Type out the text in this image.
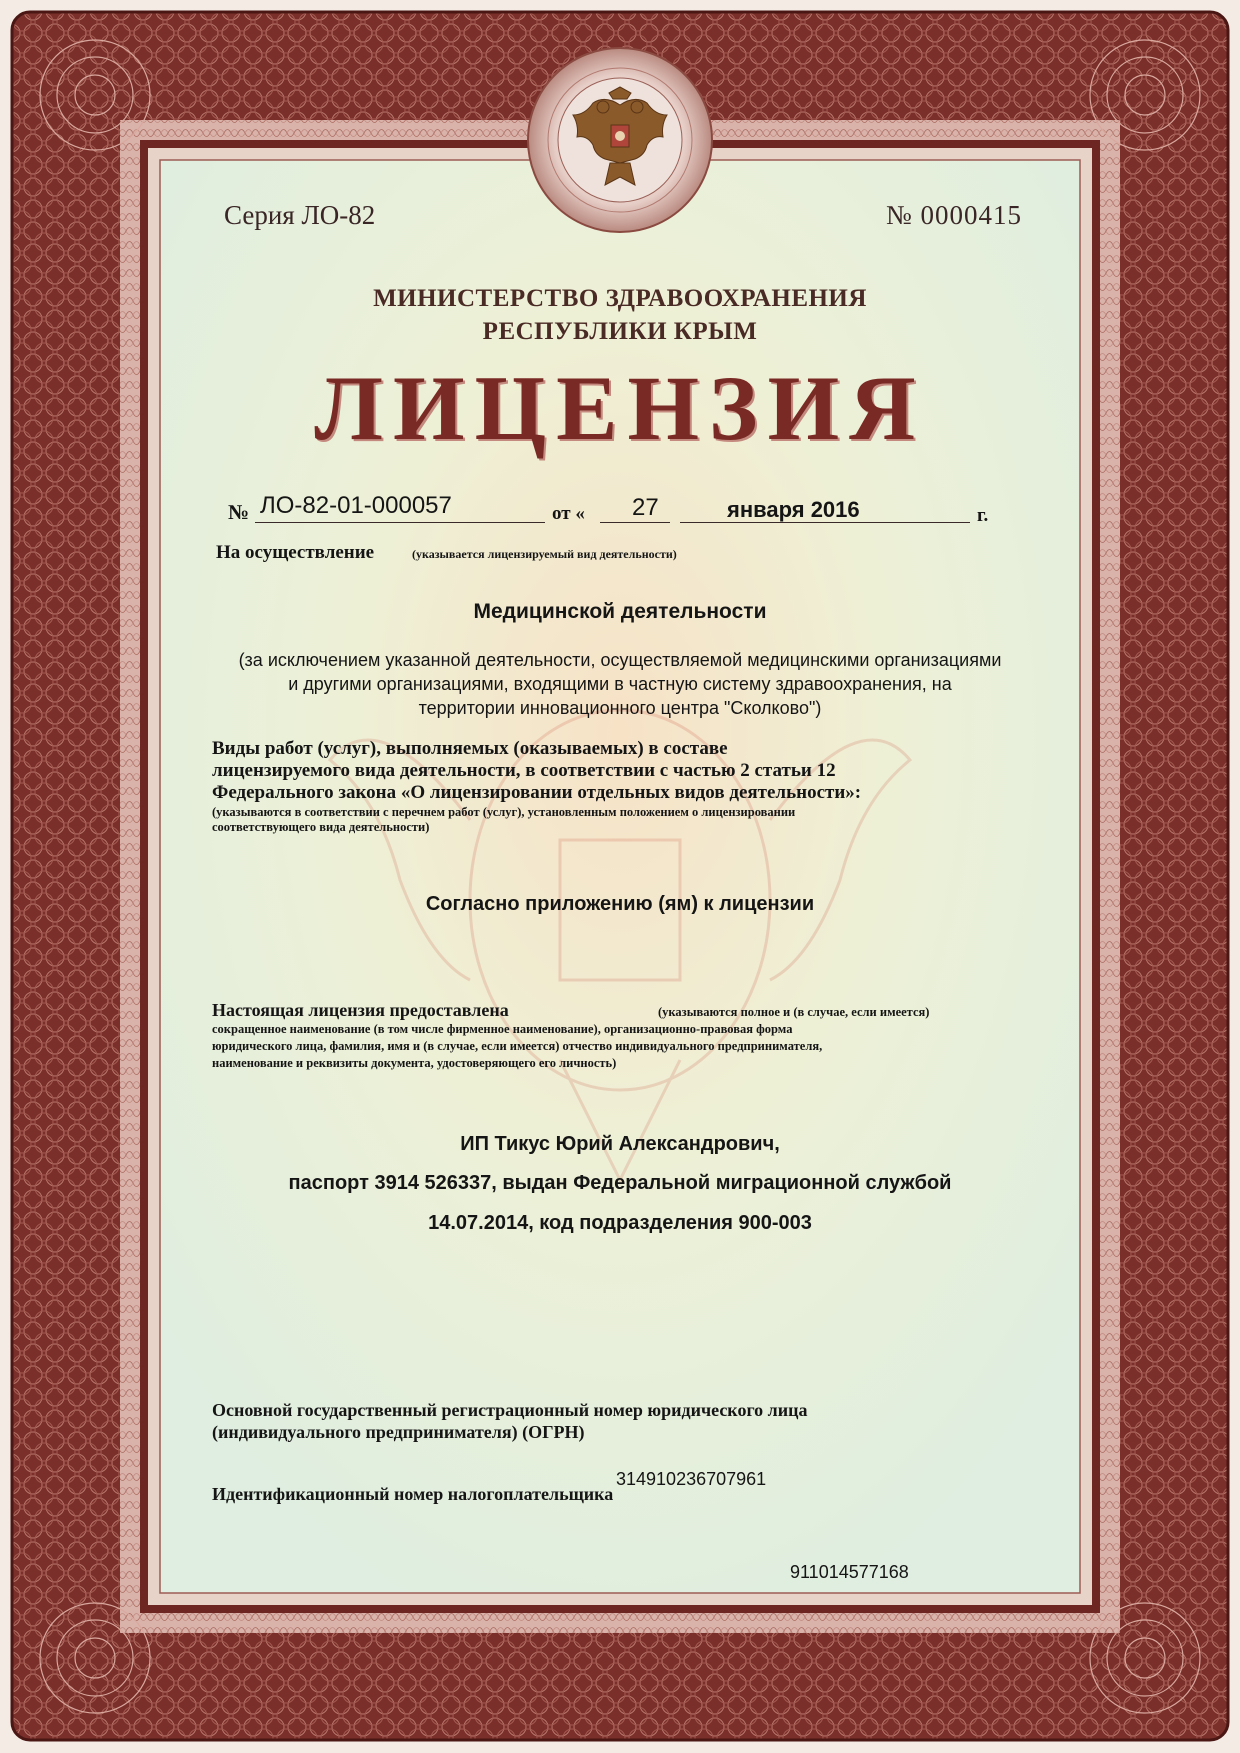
Серия ЛО-82	№ 0000415
МИНИСТЕРСТВО ЗДРАВООХРАНЕНИЯ
РЕСПУБЛИКИ КРЫМ
ЛИЦЕНЗИЯ
№ ЛО-82-01-000057	от « 27	января 2016	г.
На осуществление	(указывается лицензируемый вид деятельности)
Медицинской деятельности
(за исключением указанной деятельности, осуществляемой медицинскими организациями
и другими организациями, входящими в частную систему здравоохранения, на
территории инновационного центра "Сколково")
Виды работ (услуг), выполняемых (оказываемых) в составе
лицензируемого вида деятельности, в соответствии с частью 2 статьи 12
Федерального закона «О лицензировании отдельных видов деятельности»:
(указываются в соответствии с перечнем работ (услуг), установленным положением о лицензировании
соответствующего вида деятельности)
Согласно приложению (ям) к лицензии
Настоящая лицензия предоставлена	(указываются полное и (в случае, если имеется)
сокращенное наименование (в том числе фирменное наименование), организационно-правовая форма
юридического лица, фамилия, имя и (в случае, если имеется) отчество индивидуального предпринимателя,
наименование и реквизиты документа, удостоверяющего его личность)
ИП Тикус Юрий Александрович,
паспорт 3914 526337, выдан Федеральной миграционной службой
14.07.2014, код подразделения 900-003
Основной государственный регистрационный номер юридического лица
(индивидуального предпринимателя) (ОГРН)
314910236707961
Идентификационный номер налогоплательщика
911014577168
